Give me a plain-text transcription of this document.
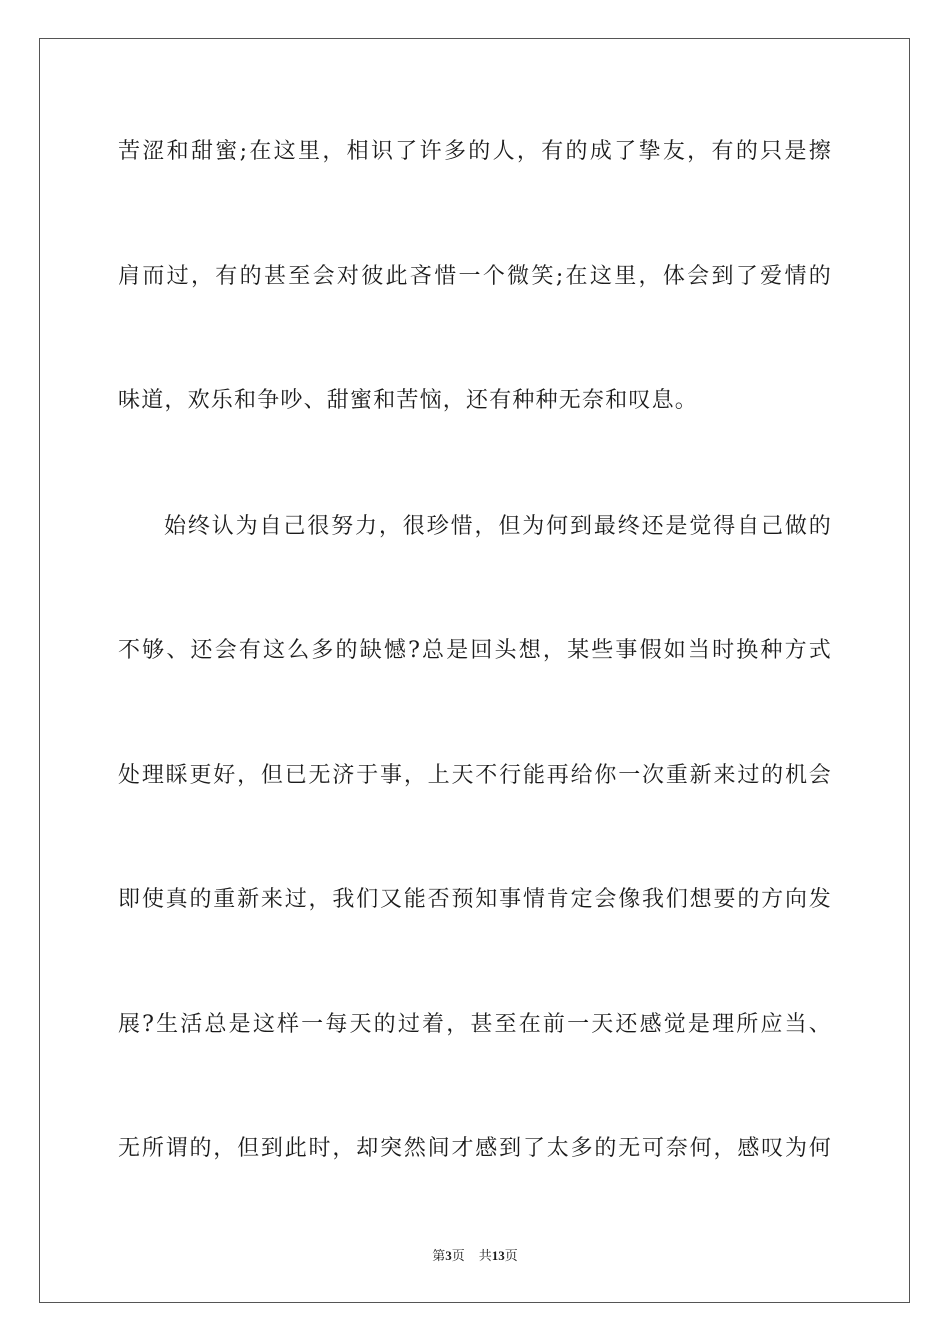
苦涩和甜蜜;在这里，相识了许多的人，有的成了挚友，有的只是擦
肩而过，有的甚至会对彼此吝惜一个微笑;在这里，体会到了爱情的
味道，欢乐和争吵、甜蜜和苦恼，还有种种无奈和叹息。
始终认为自己很努力，很珍惜，但为何到最终还是觉得自己做的
不够、还会有这么多的缺憾?总是回头想，某些事假如当时换种方式
处理睬更好，但已无济于事，上天不行能再给你一次重新来过的机会
即使真的重新来过，我们又能否预知事情肯定会像我们想要的方向发
展?生活总是这样一每天的过着，甚至在前一天还感觉是理所应当、
无所谓的，但到此时，却突然间才感到了太多的无可奈何，感叹为何
第3页 共13页
